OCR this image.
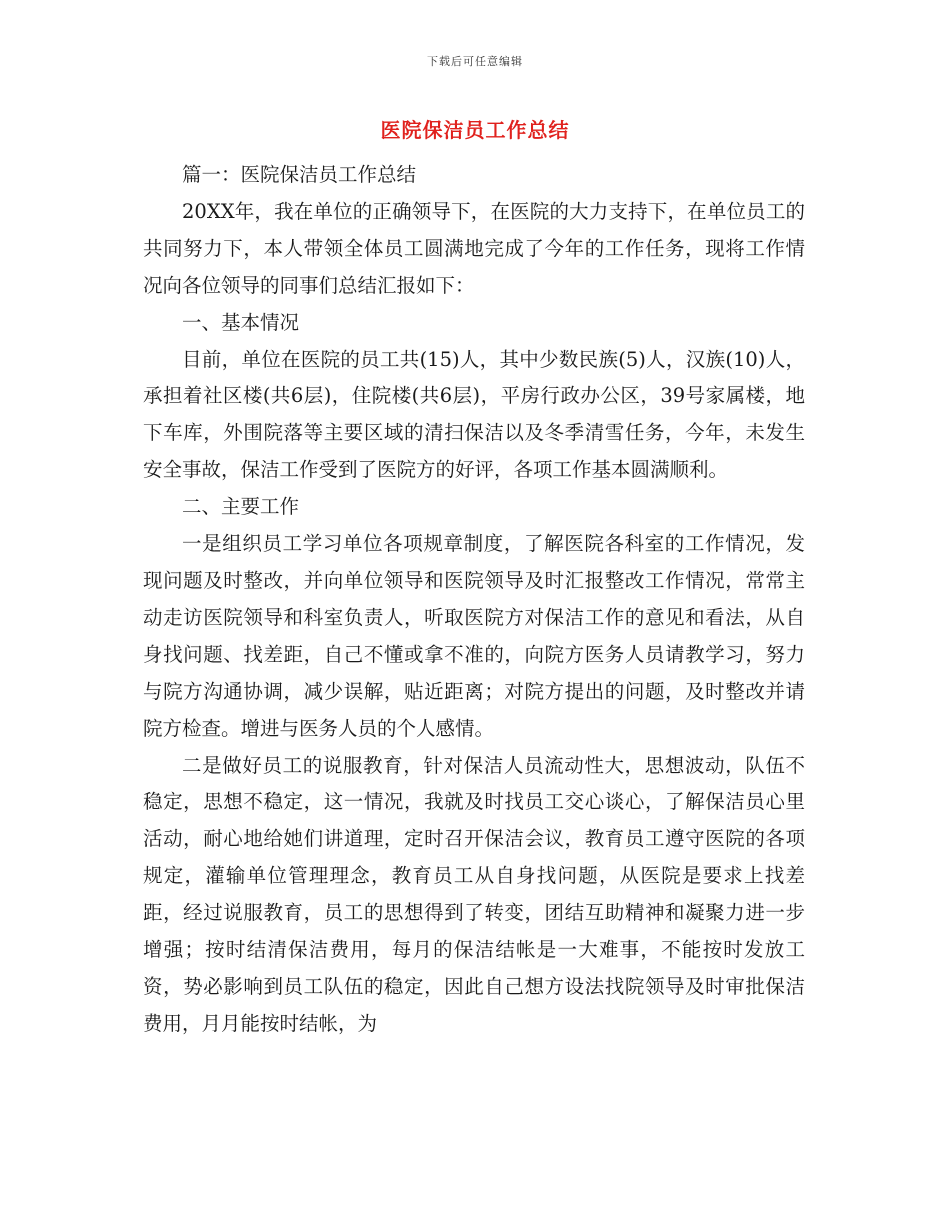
下载后可任意编辑
医院保洁员工作总结

篇一：医院保洁员工作总结

20XX年，我在单位的正确领导下，在医院的大力支持下，在单位员工的共同努力下，本人带领全体员工圆满地完成了今年的工作任务，现将工作情况向各位领导的同事们总结汇报如下：

一、基本情况

目前，单位在医院的员工共(15)人，其中少数民族(5)人，汉族(10)人，承担着社区楼(共6层)，住院楼(共6层)，平房行政办公区，39号家属楼，地下车库，外围院落等主要区域的清扫保洁以及冬季清雪任务，今年，未发生安全事故，保洁工作受到了医院方的好评，各项工作基本圆满顺利。

二、主要工作

一是组织员工学习单位各项规章制度，了解医院各科室的工作情况，发现问题及时整改，并向单位领导和医院领导及时汇报整改工作情况，常常主动走访医院领导和科室负责人，听取医院方对保洁工作的意见和看法，从自身找问题、找差距，自己不懂或拿不准的，向院方医务人员请教学习，努力与院方沟通协调，减少误解，贴近距离；对院方提出的问题，及时整改并请院方检查。增进与医务人员的个人感情。

二是做好员工的说服教育，针对保洁人员流动性大，思想波动，队伍不稳定，思想不稳定，这一情况，我就及时找员工交心谈心，了解保洁员心里活动，耐心地给她们讲道理，定时召开保洁会议，教育员工遵守医院的各项规定，灌输单位管理理念，教育员工从自身找问题，从医院是要求上找差距，经过说服教育，员工的思想得到了转变，团结互助精神和凝聚力进一步增强；按时结清保洁费用，每月的保洁结帐是一大难事，不能按时发放工资，势必影响到员工队伍的稳定，因此自己想方设法找院领导及时审批保洁费用，月月能按时结帐，为
